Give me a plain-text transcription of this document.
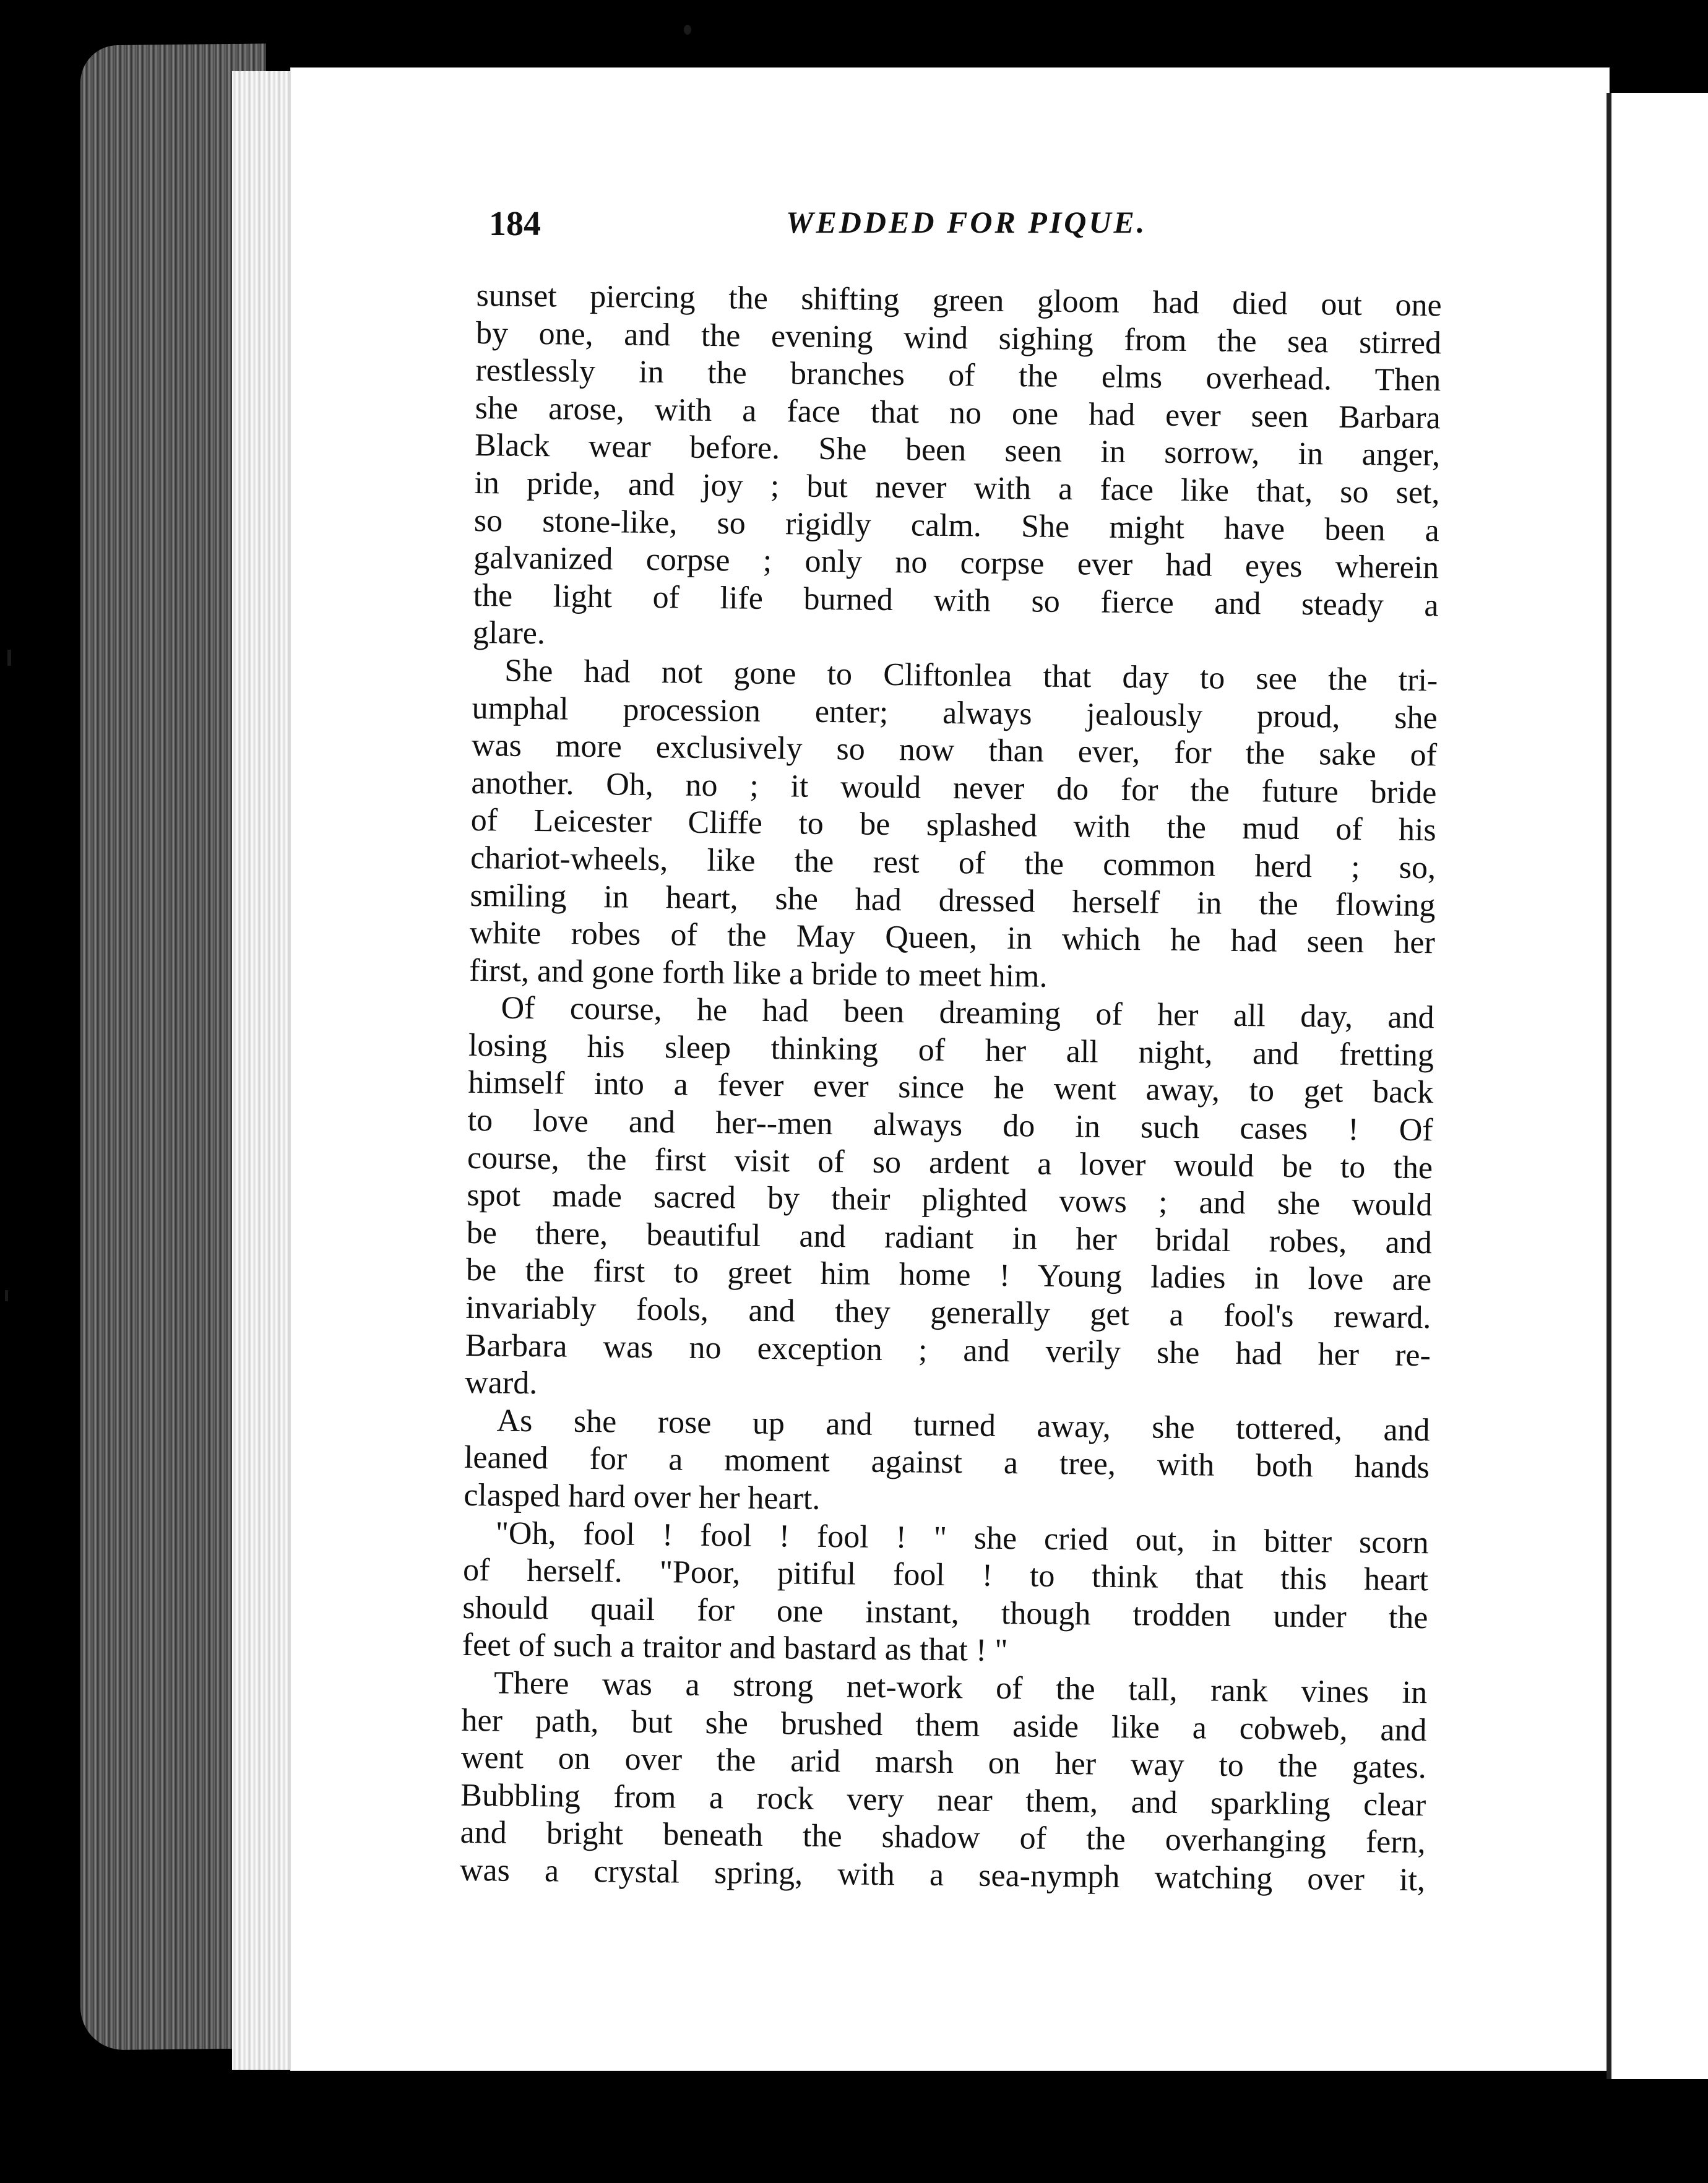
184	WEDDED FOR PIQUE.

sunset piercing the shifting green gloom had died out one

by one, and the evening wind sighing from the sea stirred

restlessly in the branches of the elms overhead. Then

she arose, with a face that no one had ever seen Barbara

Black wear before. She been seen in sorrow, in anger,

in pride, and joy ; but never with a face like that, so set,

so stone-like, so rigidly calm. She might have been a

galvanized corpse ; only no corpse ever had eyes wherein

the light of life burned with so fierce and steady a

glare.

She had not gone to Cliftonlea that day to see the tri-

umphal procession enter; always jealously proud, she

was more exclusively so now than ever, for the sake of

another. Oh, no ; it would never do for the future bride

of Leicester Cliffe to be splashed with the mud of his

chariot-wheels, like the rest of the common herd ; so,

smiling in heart, she had dressed herself in the flowing

white robes of the May Queen, in which he had seen her

first, and gone forth like a bride to meet him.

Of course, he had been dreaming of her all day, and

losing his sleep thinking of her all night, and fretting

himself into a fever ever since he went away, to get back

to love and her--men always do in such cases ! Of

course, the first visit of so ardent a lover would be to the

spot made sacred by their plighted vows ; and she would

be there, beautiful and radiant in her bridal robes, and

be the first to greet him home ! Young ladies in love are

invariably fools, and they generally get a fool's reward.

Barbara was no exception ; and verily she had her re-

ward.

As she rose up and turned away, she tottered, and

leaned for a moment against a tree, with both hands

clasped hard over her heart.

"Oh, fool ! fool ! fool ! " she cried out, in bitter scorn

of herself. "Poor, pitiful fool ! to think that this heart

should quail for one instant, though trodden under the

feet of such a traitor and bastard as that ! "

There was a strong net-work of the tall, rank vines in

her path, but she brushed them aside like a cobweb, and

went on over the arid marsh on her way to the gates.

Bubbling from a rock very near them, and sparkling clear

and bright beneath the shadow of the overhanging fern,

was a crystal spring, with a sea-nymph watching over it,
